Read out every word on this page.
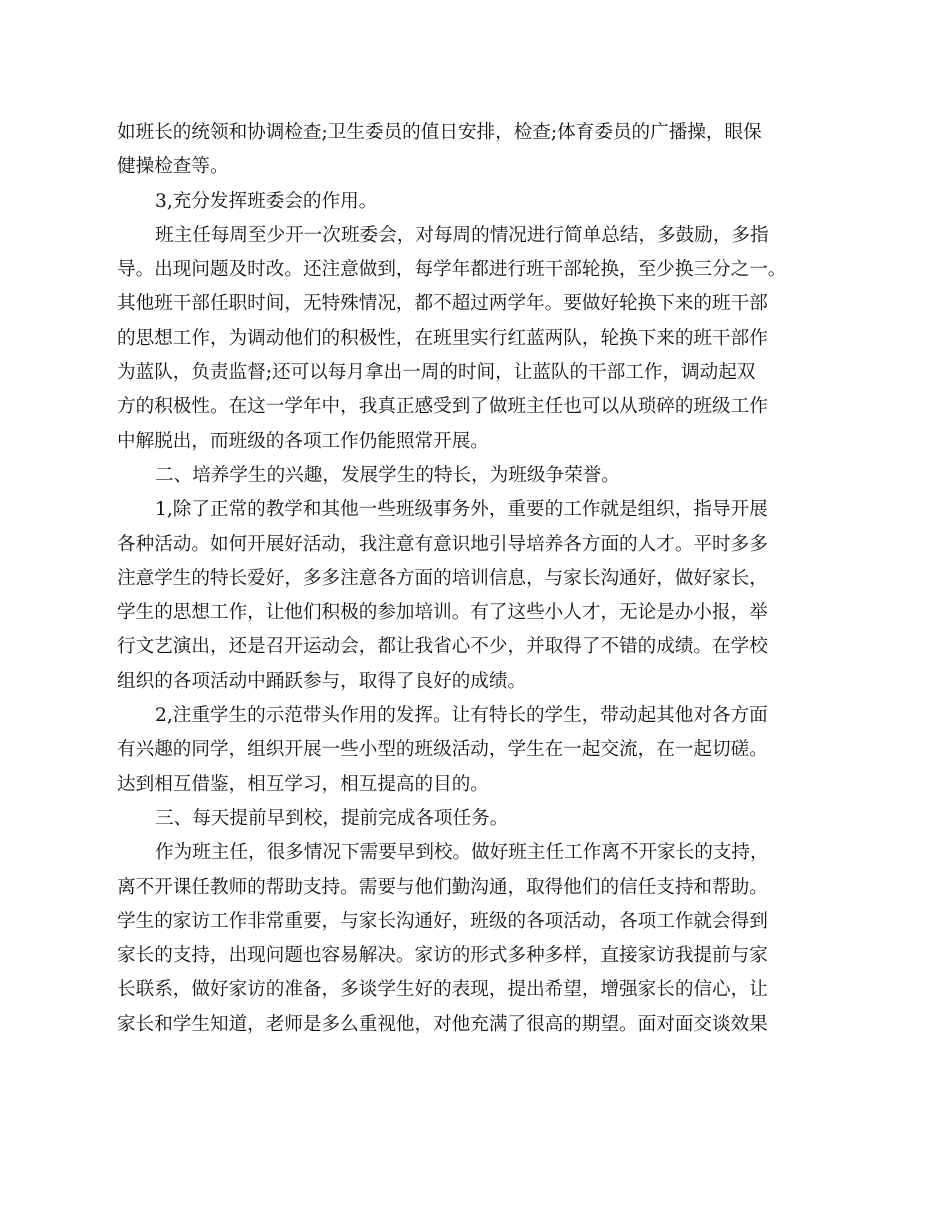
如班长的统领和协调检查;卫生委员的值日安排，检查;体育委员的广播操，眼保
健操检查等。
3,充分发挥班委会的作用。
班主任每周至少开一次班委会，对每周的情况进行简单总结，多鼓励，多指
导。出现问题及时改。还注意做到，每学年都进行班干部轮换，至少换三分之一。
其他班干部任职时间，无特殊情况，都不超过两学年。要做好轮换下来的班干部
的思想工作，为调动他们的积极性，在班里实行红蓝两队，轮换下来的班干部作
为蓝队，负责监督;还可以每月拿出一周的时间，让蓝队的干部工作，调动起双
方的积极性。在这一学年中，我真正感受到了做班主任也可以从琐碎的班级工作
中解脱出，而班级的各项工作仍能照常开展。
二、培养学生的兴趣，发展学生的特长，为班级争荣誉。
1,除了正常的教学和其他一些班级事务外，重要的工作就是组织，指导开展
各种活动。如何开展好活动，我注意有意识地引导培养各方面的人才。平时多多
注意学生的特长爱好，多多注意各方面的培训信息，与家长沟通好，做好家长，
学生的思想工作，让他们积极的参加培训。有了这些小人才，无论是办小报，举
行文艺演出，还是召开运动会，都让我省心不少，并取得了不错的成绩。在学校
组织的各项活动中踊跃参与，取得了良好的成绩。
2,注重学生的示范带头作用的发挥。让有特长的学生，带动起其他对各方面
有兴趣的同学，组织开展一些小型的班级活动，学生在一起交流，在一起切磋。
达到相互借鉴，相互学习，相互提高的目的。
三、每天提前早到校，提前完成各项任务。
作为班主任，很多情况下需要早到校。做好班主任工作离不开家长的支持，
离不开课任教师的帮助支持。需要与他们勤沟通，取得他们的信任支持和帮助。
学生的家访工作非常重要，与家长沟通好，班级的各项活动，各项工作就会得到
家长的支持，出现问题也容易解决。家访的形式多种多样，直接家访我提前与家
长联系，做好家访的准备，多谈学生好的表现，提出希望，增强家长的信心，让
家长和学生知道，老师是多么重视他，对他充满了很高的期望。面对面交谈效果
